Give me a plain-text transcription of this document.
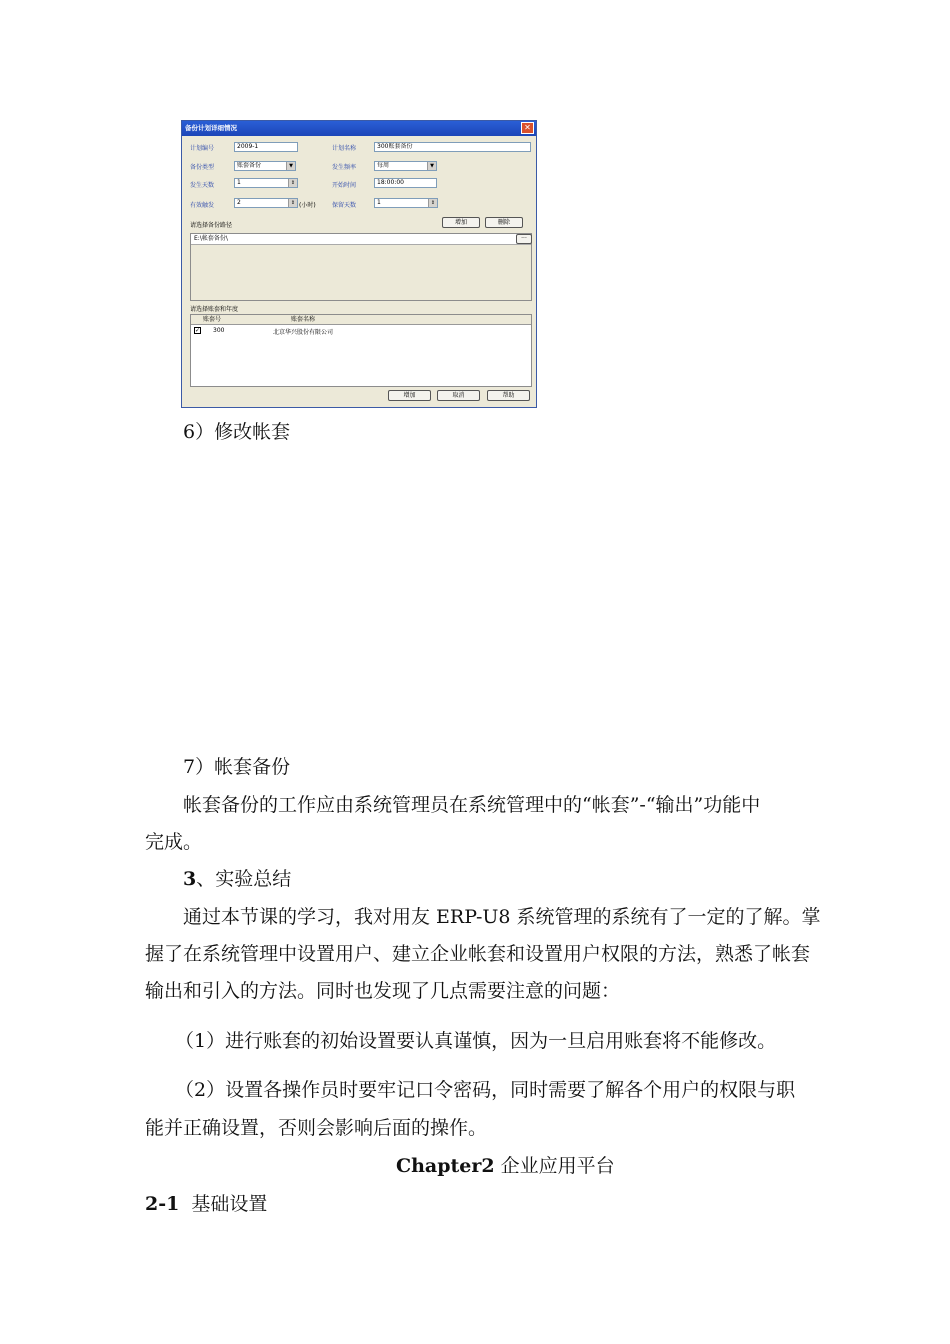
备份计划详细情况	✕
计划编号	2009-1	计划名称	300账套备份
备份类型	账套备份	▼	发生频率	每周	▼
发生天数	1	⇕	开始时间	18:00:00
有效触发	2	⇕ (小时)	保留天数	1	⇕
请选择备份路径	增加	删除
E:\帐套备份\	···
请选择账套和年度
账套号	账套名称
✓ 300	北京华兴股份有限公司
增加	取消	帮助
6）修改帐套
7）帐套备份
帐套备份的工作应由系统管理员在系统管理中的“帐套”-“输出”功能中
完成。
3、实验总结
通过本节课的学习，我对用友 ERP-U8 系统管理的系统有了一定的了解。掌
握了在系统管理中设置用户、建立企业帐套和设置用户权限的方法，熟悉了帐套
输出和引入的方法。同时也发现了几点需要注意的问题：
（1）进行账套的初始设置要认真谨慎，因为一旦启用账套将不能修改。
（2）设置各操作员时要牢记口令密码，同时需要了解各个用户的权限与职
能并正确设置，否则会影响后面的操作。
Chapter2 企业应用平台
2-1  基础设置
